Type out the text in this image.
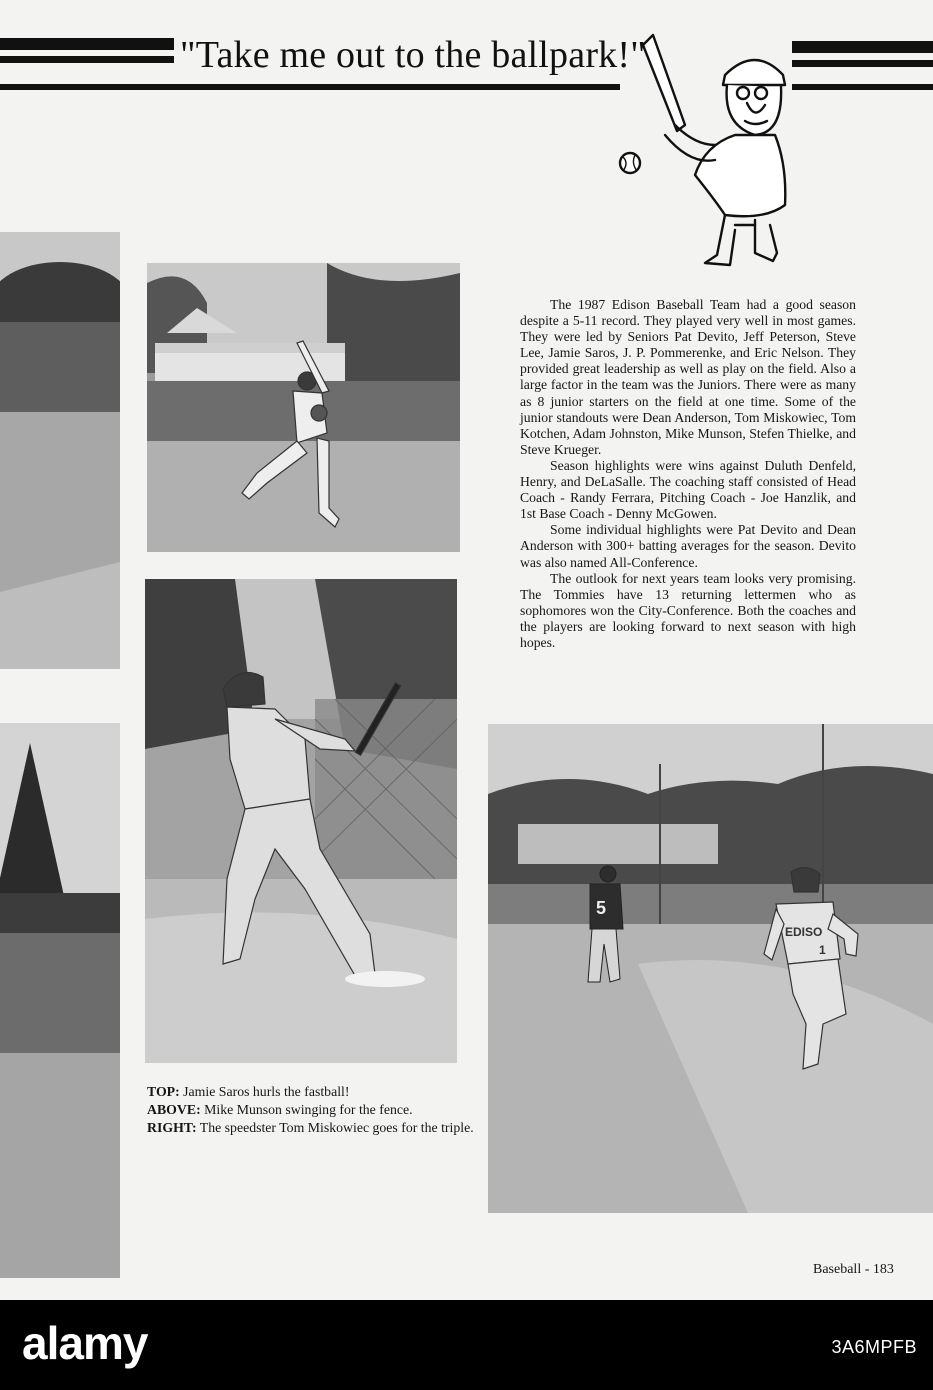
"Take me out to the ballpark!"
5
EDISO
1

The 1987 Edison Baseball Team had a good season despite a 5-11 record. They played very well in most games. They were led by Seniors Pat Devito, Jeff Peterson, Steve Lee, Jamie Saros, J. P. Pommerenke, and Eric Nelson. They provided great leadership as well as play on the field. Also a large factor in the team was the Juniors. There were as many as 8 junior starters on the field at one time. Some of the junior standouts were Dean Anderson, Tom Miskowiec, Tom Kotchen, Adam Johnston, Mike Munson, Stefen Thielke, and Steve Krueger.

Season highlights were wins against Duluth Denfeld, Henry, and DeLaSalle. The coaching staff consisted of Head Coach - Randy Ferrara, Pitching Coach - Joe Hanzlik, and 1st Base Coach - Denny McGowen.

Some individual highlights were Pat Devito and Dean Anderson with 300+ batting averages for the season. Devito was also named All-Conference.

The outlook for next years team looks very promising. The Tommies have 13 returning lettermen who as sophomores won the City-Conference. Both the coaches and the players are looking forward to next season with high hopes.

TOP: Jamie Saros hurls the fastball!

ABOVE: Mike Munson swinging for the fence.

RIGHT: The speedster Tom Miskowiec goes for the triple.

Baseball - 183
alamy	3A6MPFB
